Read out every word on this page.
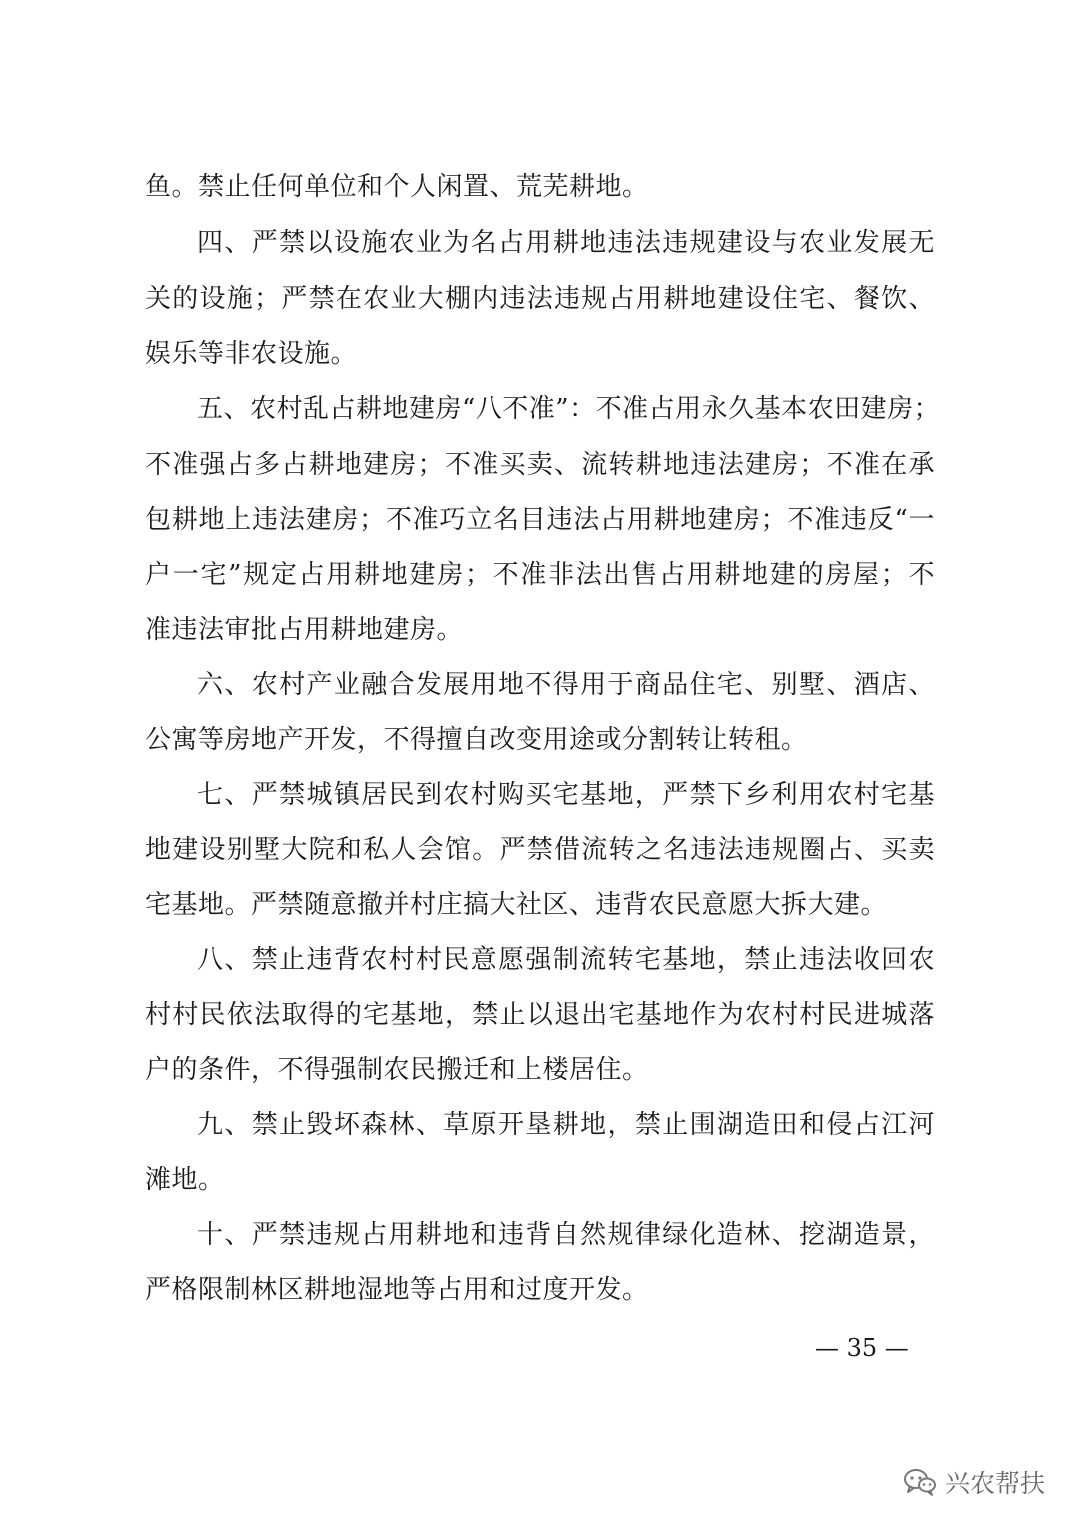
鱼。禁止任何单位和个人闲置、荒芜耕地。
四、严禁以设施农业为名占用耕地违法违规建设与农业发展无
关的设施；严禁在农业大棚内违法违规占用耕地建设住宅、餐饮、
娱乐等非农设施。
五、农村乱占耕地建房“八不准”：不准占用永久基本农田建房；
不准强占多占耕地建房；不准买卖、流转耕地违法建房；不准在承
包耕地上违法建房；不准巧立名目违法占用耕地建房；不准违反“一
户一宅”规定占用耕地建房；不准非法出售占用耕地建的房屋；不
准违法审批占用耕地建房。
六、农村产业融合发展用地不得用于商品住宅、别墅、酒店、
公寓等房地产开发，不得擅自改变用途或分割转让转租。
七、严禁城镇居民到农村购买宅基地，严禁下乡利用农村宅基
地建设别墅大院和私人会馆。严禁借流转之名违法违规圈占、买卖
宅基地。严禁随意撤并村庄搞大社区、违背农民意愿大拆大建。
八、禁止违背农村村民意愿强制流转宅基地，禁止违法收回农
村村民依法取得的宅基地，禁止以退出宅基地作为农村村民进城落
户的条件，不得强制农民搬迁和上楼居住。
九、禁止毁坏森林、草原开垦耕地，禁止围湖造田和侵占江河
滩地。
十、严禁违规占用耕地和违背自然规律绿化造林、挖湖造景，
严格限制林区耕地湿地等占用和过度开发。
— 35 —
兴农帮扶
